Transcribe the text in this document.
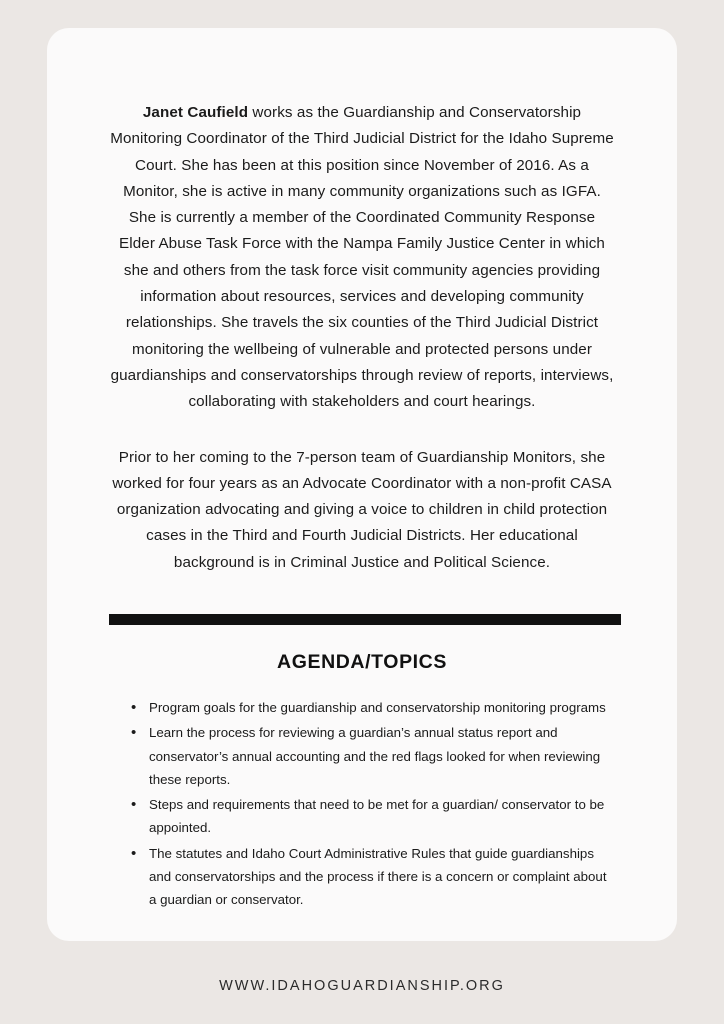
Janet Caufield works as the Guardianship and Conservatorship Monitoring Coordinator of the Third Judicial District for the Idaho Supreme Court. She has been at this position since November of 2016. As a Monitor, she is active in many community organizations such as IGFA. She is currently a member of the Coordinated Community Response Elder Abuse Task Force with the Nampa Family Justice Center in which she and others from the task force visit community agencies providing information about resources, services and developing community relationships. She travels the six counties of the Third Judicial District monitoring the wellbeing of vulnerable and protected persons under guardianships and conservatorships through review of reports, interviews, collaborating with stakeholders and court hearings.

Prior to her coming to the 7-person team of Guardianship Monitors, she worked for four years as an Advocate Coordinator with a non-profit CASA organization advocating and giving a voice to children in child protection cases in the Third and Fourth Judicial Districts. Her educational background is in Criminal Justice and Political Science.

AGENDA/TOPICS
• Program goals for the guardianship and conservatorship monitoring programs
• Learn the process for reviewing a guardian’s annual status report and conservator’s annual accounting and the red flags looked for when reviewing these reports.
• Steps and requirements that need to be met for a guardian/ conservator to be appointed.
• The statutes and Idaho Court Administrative Rules that guide guardianships and conservatorships and the process if there is a concern or complaint about a guardian or conservator.
WWW.IDAHOGUARDIANSHIP.ORG
